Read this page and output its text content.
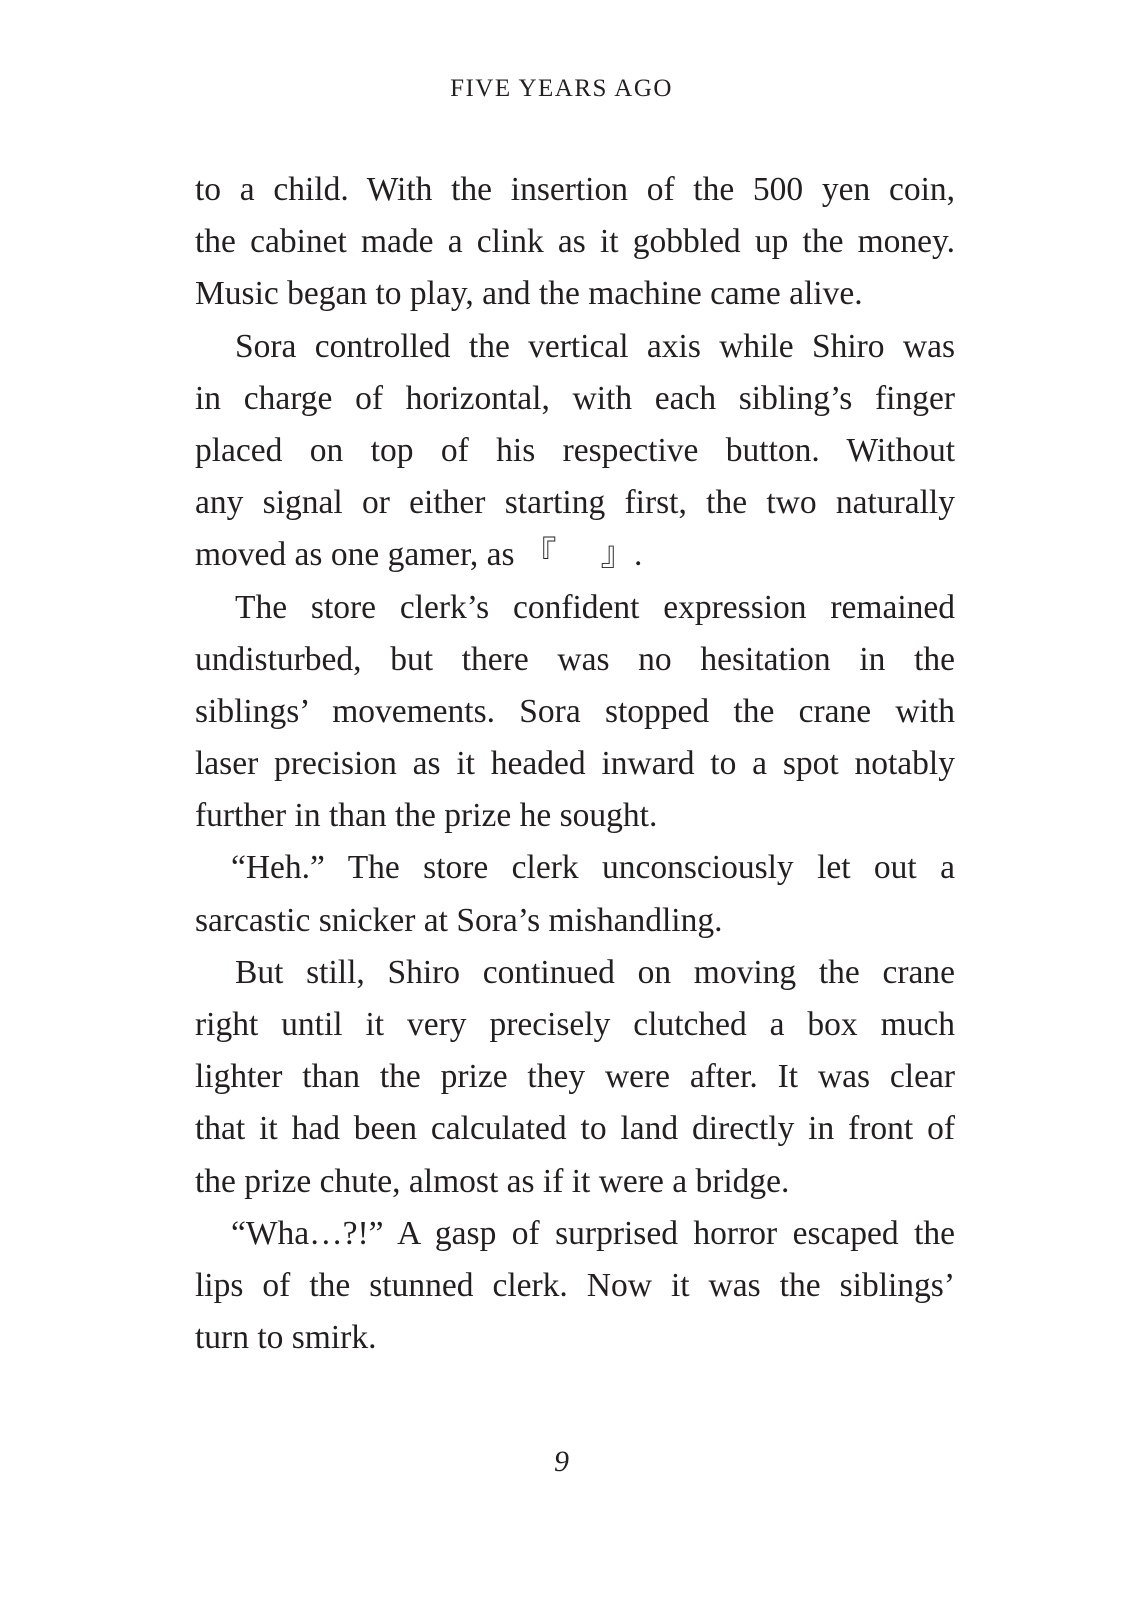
FIVE YEARS AGO
to a child. With the insertion of the 500 yen coin,
the cabinet made a clink as it gobbled up the money.
Music began to play, and the machine came alive.
Sora controlled the vertical axis while Shiro was
in charge of horizontal, with each sibling’s finger
placed on top of his respective button. Without
any signal or either starting first, the two naturally
moved as one gamer, as 『 』.
The store clerk’s confident expression remained
undisturbed, but there was no hesitation in the
siblings’ movements. Sora stopped the crane with
laser precision as it headed inward to a spot notably
further in than the prize he sought.
“Heh.” The store clerk unconsciously let out a
sarcastic snicker at Sora’s mishandling.
But still, Shiro continued on moving the crane
right until it very precisely clutched a box much
lighter than the prize they were after. It was clear
that it had been calculated to land directly in front of
the prize chute, almost as if it were a bridge.
“Wha…?!” A gasp of surprised horror escaped the
lips of the stunned clerk. Now it was the siblings’
turn to smirk.
9
